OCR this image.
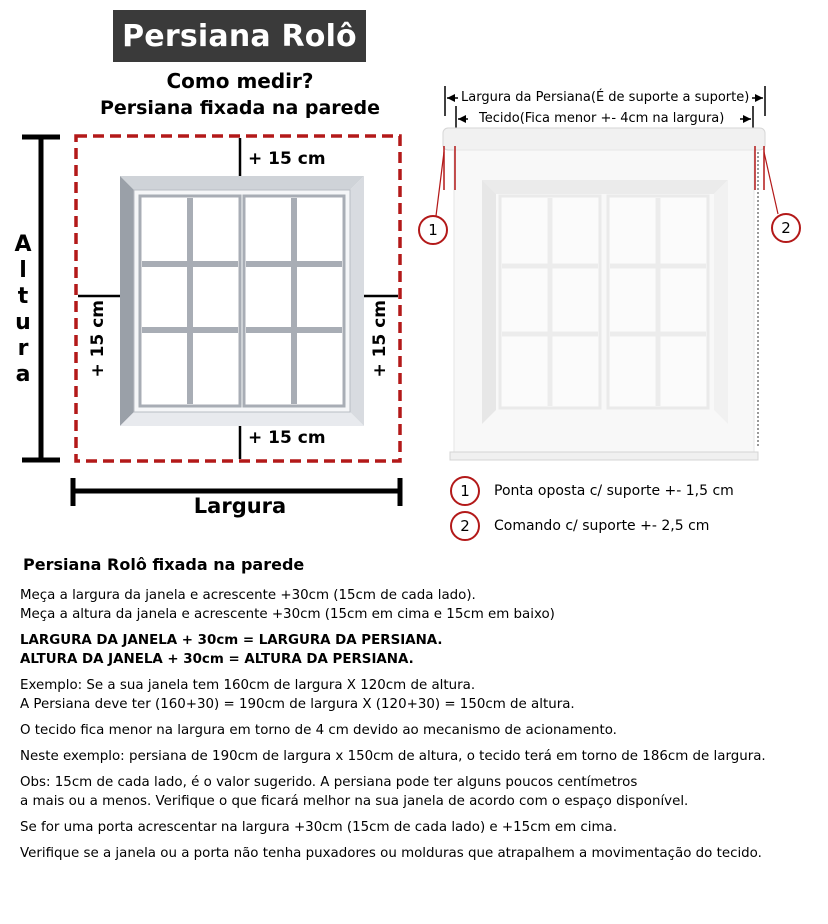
Persiana Rolô
Como medir?
Persiana fixada na parede
A
l
t
u
r
a
Largura
+ 15 cm
+ 15 cm
+ 15 cm	+ 15 cm
Largura da Persiana(É de suporte a suporte)
Tecido(Fica menor +- 4cm na largura)
1	2
1	Ponta oposta c/ suporte +- 1,5 cm
2	Comando c/ suporte +- 2,5 cm
Persiana Rolô fixada na parede
Meça a largura da janela e acrescente +30cm (15cm de cada lado).
Meça a altura da janela e acrescente +30cm (15cm em cima e 15cm em baixo)
LARGURA DA JANELA + 30cm = LARGURA DA PERSIANA.
ALTURA DA JANELA + 30cm = ALTURA DA PERSIANA.
Exemplo: Se a sua janela tem 160cm de largura X 120cm de altura.
A Persiana deve ter (160+30) = 190cm de largura X (120+30) = 150cm de altura.
O tecido fica menor na largura em torno de 4 cm devido ao mecanismo de acionamento.
Neste exemplo: persiana de 190cm de largura x 150cm de altura, o tecido terá em torno de 186cm de largura.
Obs: 15cm de cada lado, é o valor sugerido. A persiana pode ter alguns poucos centímetros
a mais ou a menos. Verifique o que ficará melhor na sua janela de acordo com o espaço disponível.
Se for uma porta acrescentar na largura +30cm (15cm de cada lado) e +15cm em cima.
Verifique se a janela ou a porta não tenha puxadores ou molduras que atrapalhem a movimentação do tecido.
